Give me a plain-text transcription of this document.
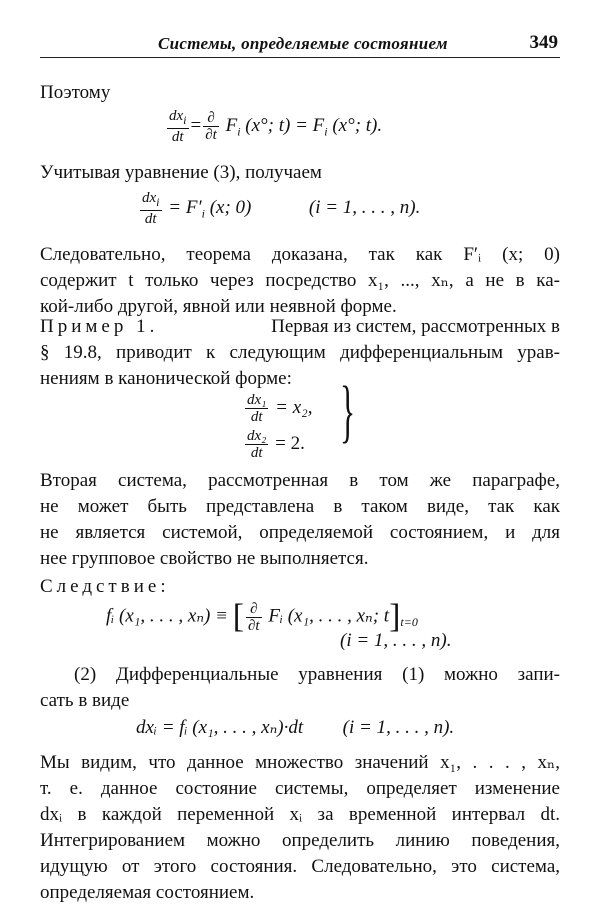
Системы, определяемые состоянием	349
Поэтому
$\frac{dx_i}{dt} = \frac{\partial}{\partial t} F_i$ (x°; $t) = F_i$ (x°; t).
Учитывая уравнение (3), получаем
$\frac{dx_i}{dt} = F'_i$ (x; 0)	(i = 1, . . . , n).
Следовательно, теорема доказана, так как F′ᵢ (x; 0)
содержит t только через посредство x₁, ..., xₙ, а не в ка-
кой-либо другой, явной или неявной форме.
Пример 1.	Первая из систем, рассмотренных в
§ 19.8, приводит к следующим дифференциальным урав-
нениям в канонической форме:
$\frac{\text{dx₁}}{dt} = x_2$,
$\frac{\text{dx₂}}{dt} = 2$. }
Вторая система, рассмотренная в том же параграфе,
не может быть представлена в таком виде, так как
не является системой, определяемой состоянием, и для
нее групповое свойство не выполняется.
Следствие:
fᵢ (x₁, . . . , xₙ) ≡ [ $\frac{\partial}{\partial t}$ Fᵢ (x₁, . . . , xₙ; $t]_{t=0}$
(i = 1, . . . , n).
(2) Дифференциальные уравнения (1) можно запи-
сать в виде
dxᵢ = fᵢ (x₁, . . . , xₙ)·dt (i = 1, . . . , n).
Мы видим, что данное множество значений x₁, . . . , xₙ,
т. е. данное состояние системы, определяет изменение
dxᵢ в каждой переменной xᵢ за временной интервал dt.
Интегрированием можно определить линию поведения,
идущую от этого состояния. Следовательно, это система,
определяемая состоянием.
